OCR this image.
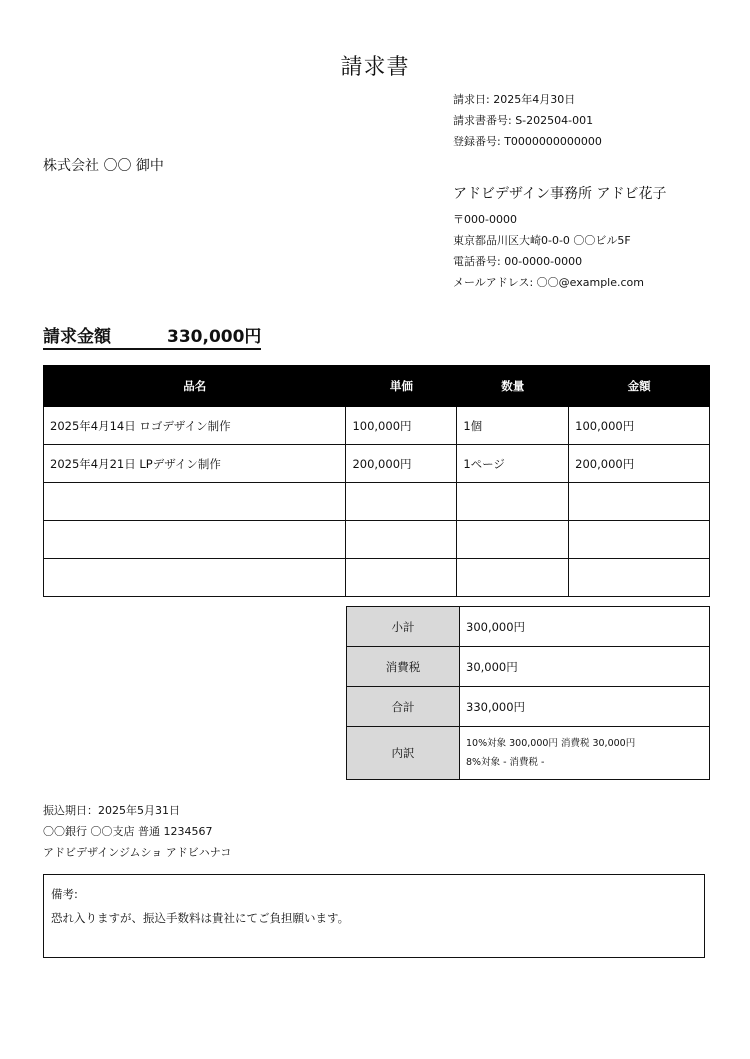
請求書
請求日: 2025年4月30日
請求書番号: S-202504-001
登録番号: T0000000000000
株式会社 〇〇 御中
アドビデザイン事務所 アドビ花子
〒000-0000
東京都品川区大崎0-0-0 〇〇ビル5F
電話番号: 00-0000-0000
メールアドレス: 〇〇@example.com
請求金額	330,000円
品名	単価	数量	金額
2025年4月14日 ロゴデザイン制作	100,000円	1個	100,000円
2025年4月21日 LPデザイン制作	200,000円	1ページ	200,000円

小計	300,000円
消費税	30,000円
合計	330,000円
内訳	10%対象 300,000円 消費税 30,000円
8%対象 - 消費税 -
振込期日：2025年5月31日
〇〇銀行 〇〇支店 普通 1234567
アドビデザインジムショ アドビハナコ
備考:
恐れ入りますが、振込手数料は貴社にてご負担願います。
